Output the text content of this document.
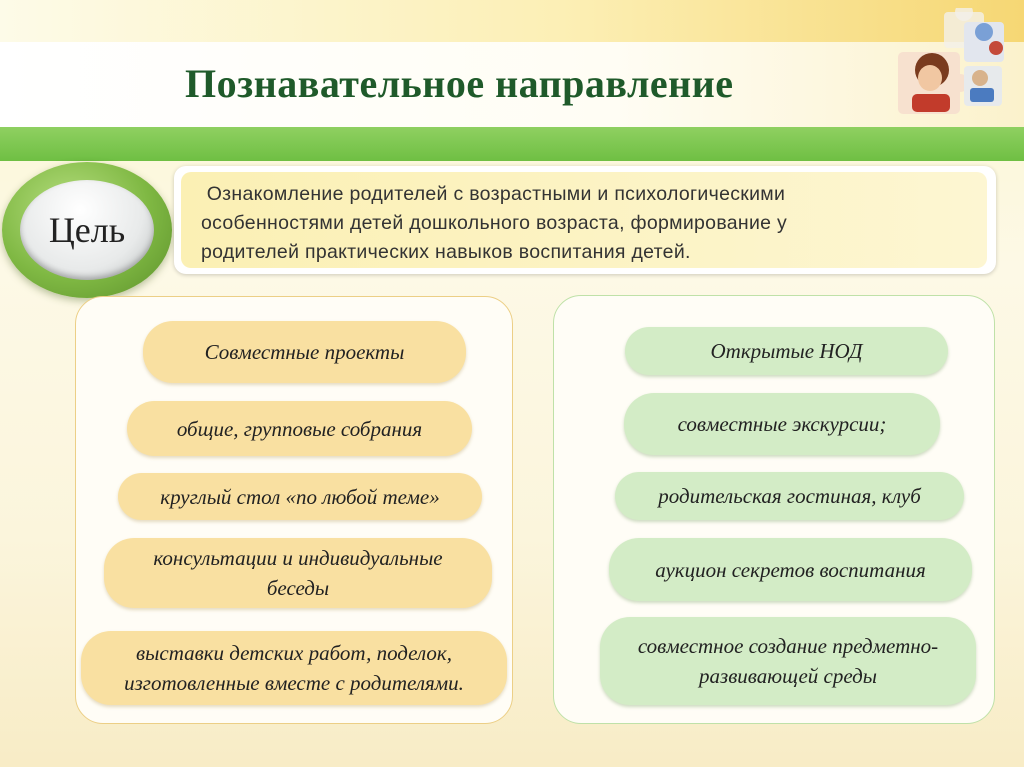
Познавательное направление
Цель
Ознакомление родителей с возрастными и психологическими
особенностями детей дошкольного возраста, формирование у
родителей практических навыков воспитания детей.
Совместные проекты
общие, групповые собрания
круглый стол «по любой теме»
консультации и индивидуальные
беседы
выставки детских работ, поделок,
изготовленные вместе с родителями.
Открытые НОД
совместные экскурсии;
родительская гостиная, клуб
аукцион секретов воспитания
совместное создание предметно-
развивающей среды
